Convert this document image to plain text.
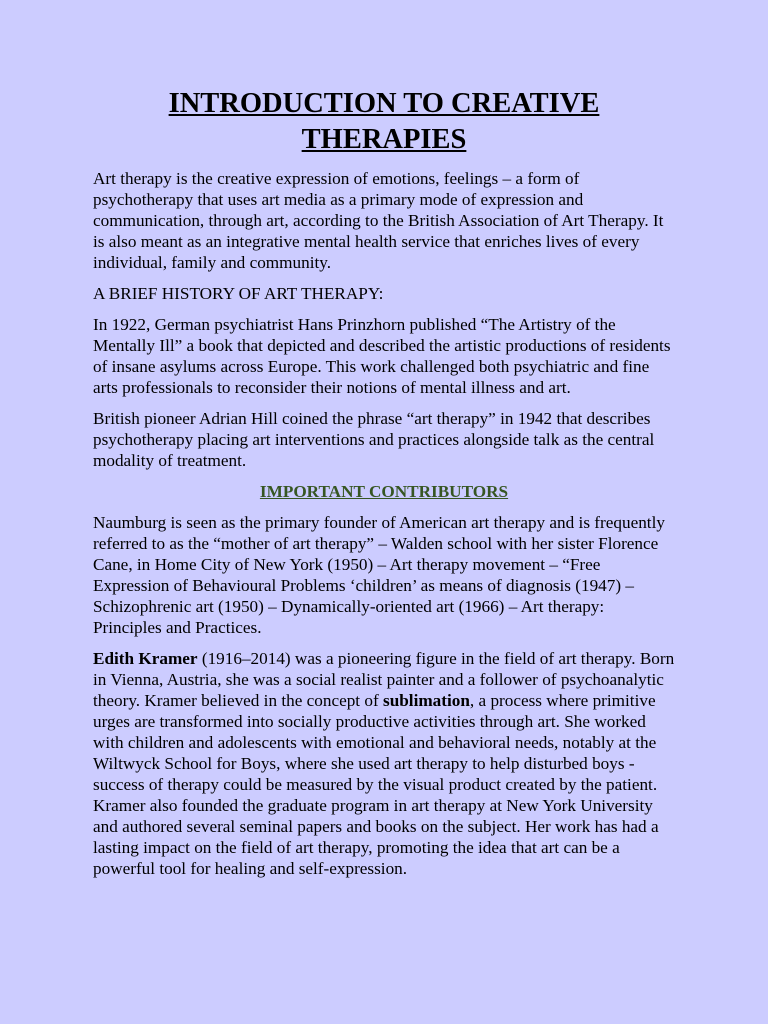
INTRODUCTION TO CREATIVE THERAPIES

Art therapy is the creative expression of emotions, feelings – a form of psychotherapy that uses art media as a primary mode of expression and communication, through art, according to the British Association of Art Therapy. It is also meant as an integrative mental health service that enriches lives of every individual, family and community.

A BRIEF HISTORY OF ART THERAPY:

In 1922, German psychiatrist Hans Prinzhorn published “The Artistry of the Mentally Ill” a book that depicted and described the artistic productions of residents of insane asylums across Europe. This work challenged both psychiatric and fine arts professionals to reconsider their notions of mental illness and art.

British pioneer Adrian Hill coined the phrase “art therapy” in 1942 that describes psychotherapy placing art interventions and practices alongside talk as the central modality of treatment.

IMPORTANT CONTRIBUTORS

Naumburg is seen as the primary founder of American art therapy and is frequently referred to as the “mother of art therapy” – Walden school with her sister Florence Cane, in Home City of New York (1950) – Art therapy movement – “Free Expression of Behavioural Problems ‘children’ as means of diagnosis (1947) – Schizophrenic art (1950) – Dynamically-oriented art (1966) – Art therapy: Principles and Practices.

Edith Kramer (1916–2014) was a pioneering figure in the field of art therapy. Born in Vienna, Austria, she was a social realist painter and a follower of psychoanalytic theory. Kramer believed in the concept of sublimation, a process where primitive urges are transformed into socially productive activities through art. She worked with children and adolescents with emotional and behavioral needs, notably at the Wiltwyck School for Boys, where she used art therapy to help disturbed boys - success of therapy could be measured by the visual product created by the patient. Kramer also founded the graduate program in art therapy at New York University and authored several seminal papers and books on the subject. Her work has had a lasting impact on the field of art therapy, promoting the idea that art can be a powerful tool for healing and self-expression.
